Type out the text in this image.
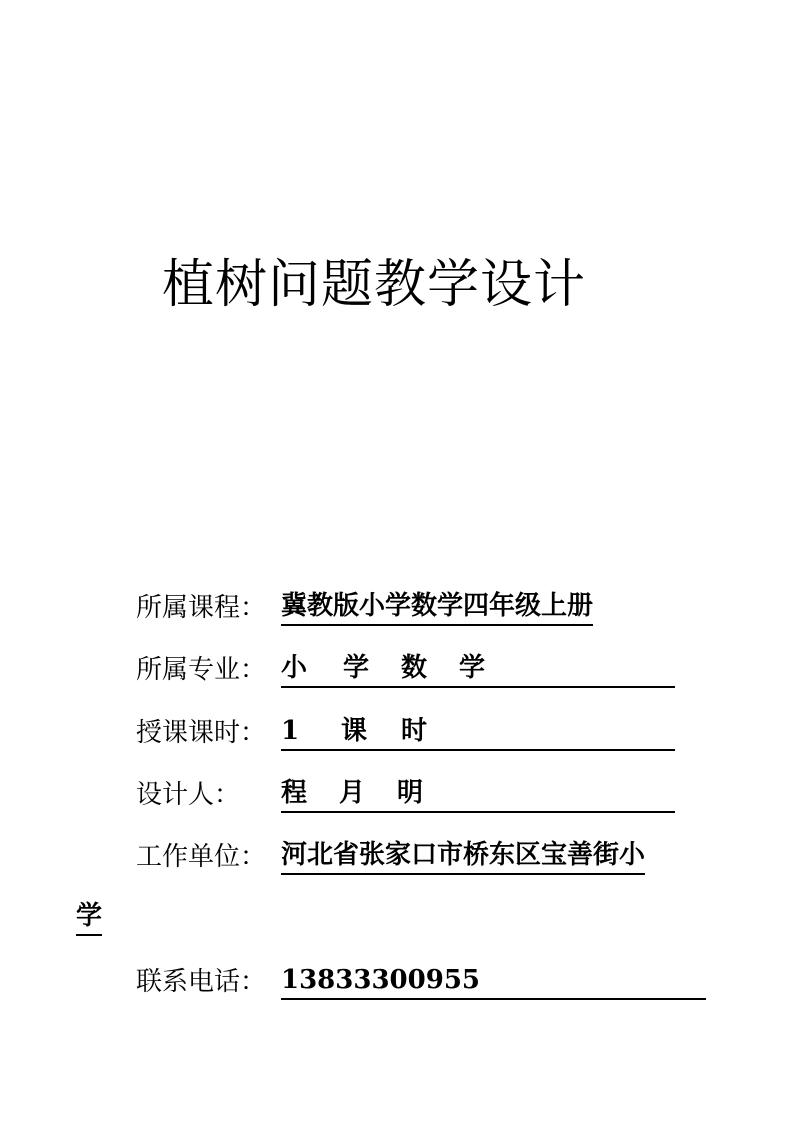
植树问题教学设计
所属课程： 冀教版小学数学四年级上册
所属专业： 小 学 数 学
授课课时： 1 课 时
设计人： 程 月 明
工作单位： 河北省张家口市桥东区宝善街小
学
联系电话： 13833300955
